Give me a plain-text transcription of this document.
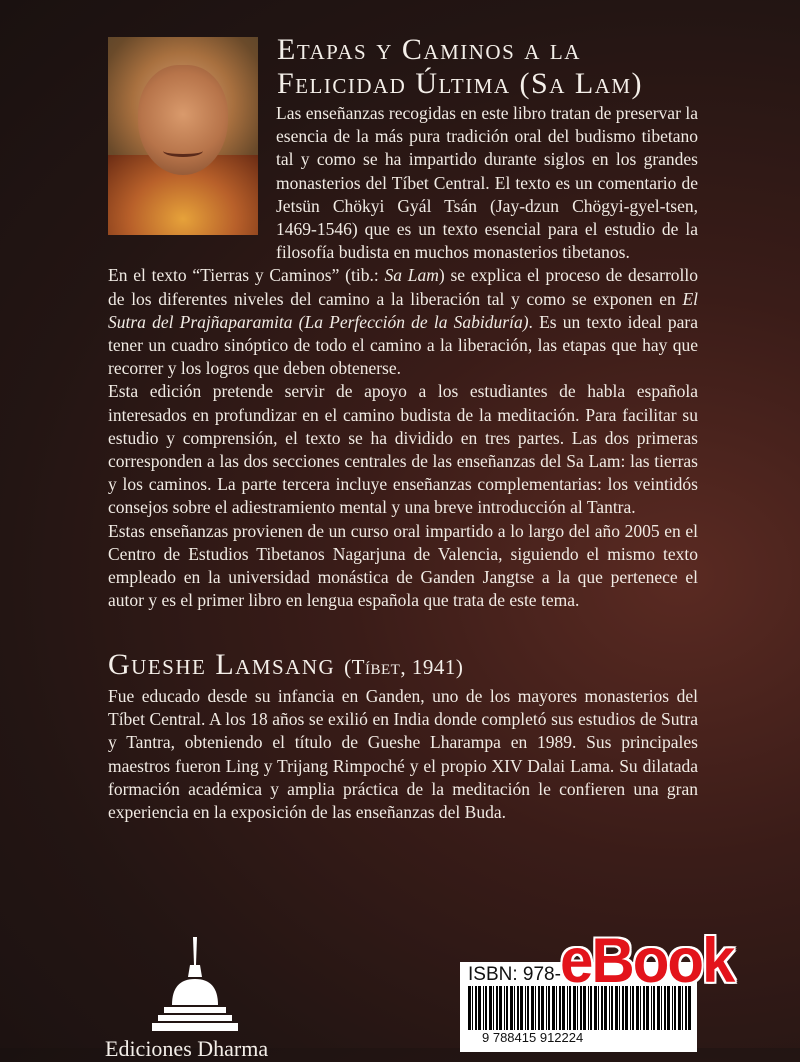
Etapas y Caminos a la
Felicidad Última (Sa Lam)

Las enseñanzas recogidas en este libro tratan de preservar la esencia de la más pura tradición oral del budismo tibetano tal y como se ha impartido durante siglos en los grandes monasterios del Tíbet Central. El texto es un comentario de Jetsün Chökyi Gyál Tsán (Jay-dzun Chögyi-gyel-tsen, 1469-1546) que es un texto esencial para el estudio de la filosofía budista en muchos monasterios tibetanos.

En el texto “Tierras y Caminos” (tib.: Sa Lam) se explica el proceso de desarrollo de los diferentes niveles del camino a la liberación tal y como se exponen en El Sutra del Prajñaparamita (La Perfección de la Sabiduría). Es un texto ideal para tener un cuadro sinóptico de todo el camino a la liberación, las etapas que hay que recorrer y los logros que deben obtenerse.

Esta edición pretende servir de apoyo a los estudiantes de habla española interesados en profundizar en el camino budista de la meditación. Para facilitar su estudio y comprensión, el texto se ha dividido en tres partes. Las dos primeras corresponden a las dos secciones centrales de las enseñanzas del Sa Lam: las tierras y los caminos. La parte tercera incluye enseñanzas complementarias: los veintidós consejos sobre el adiestramiento mental y una breve introducción al Tantra.

Estas enseñanzas provienen de un curso oral impartido a lo largo del año 2005 en el Centro de Estudios Tibetanos Nagarjuna de Valencia, siguiendo el mismo texto empleado en la universidad monástica de Ganden Jangtse a la que pertenece el autor y es el primer libro en lengua española que trata de este tema.

Gueshe Lamsang (Tíbet, 1941)
Fue educado desde su infancia en Ganden, uno de los mayores monasterios del Tíbet Central. A los 18 años se exilió en India donde completó sus estudios de Sutra y Tantra, obteniendo el título de Gueshe Lharampa en 1989. Sus principales maestros fueron Ling y Trijang Rimpoché y el propio XIV Dalai Lama. Su dilatada formación académica y amplia práctica de la meditación le confieren una gran experiencia en la exposición de las enseñanzas del Buda.
Ediciones Dharma
ISBN: 978-
9 788415 912224
eBook
